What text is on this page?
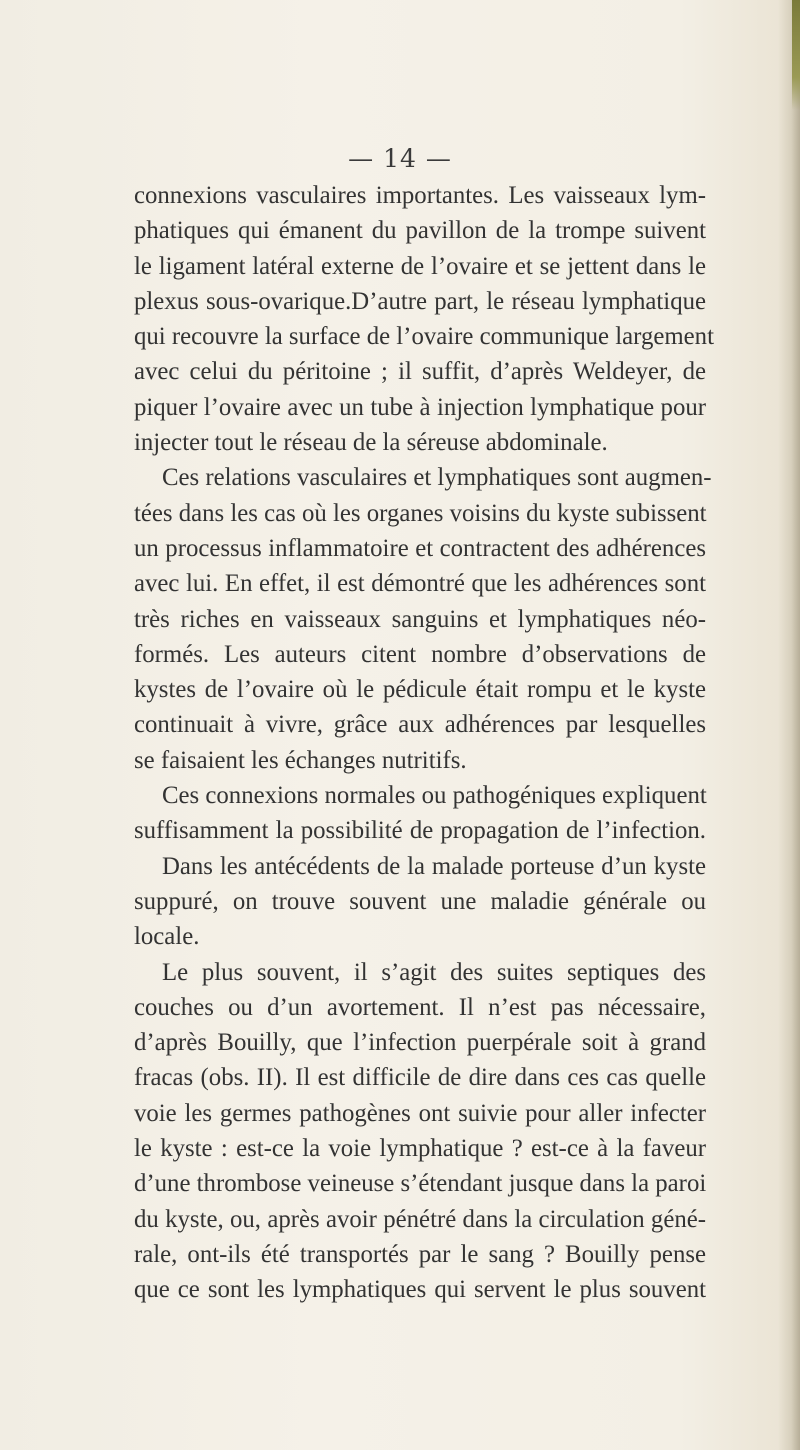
— 14 —

connexions vasculaires importantes. Les vaisseaux lym-
phatiques qui émanent du pavillon de la trompe suivent
le ligament latéral externe de l’ovaire et se jettent dans le
plexus sous-ovarique.D’autre part, le réseau lymphatique
qui recouvre la surface de l’ovaire communique largement
avec celui du péritoine ; il suffit, d’après Weldeyer, de
piquer l’ovaire avec un tube à injection lymphatique pour
injecter tout le réseau de la séreuse abdominale.
Ces relations vasculaires et lymphatiques sont augmen-
tées dans les cas où les organes voisins du kyste subissent
un processus inflammatoire et contractent des adhérences
avec lui. En effet, il est démontré que les adhérences sont
très riches en vaisseaux sanguins et lymphatiques néo-
formés. Les auteurs citent nombre d’observations de
kystes de l’ovaire où le pédicule était rompu et le kyste
continuait à vivre, grâce aux adhérences par lesquelles
se faisaient les échanges nutritifs.
Ces connexions normales ou pathogéniques expliquent
suffisamment la possibilité de propagation de l’infection.
Dans les antécédents de la malade porteuse d’un kyste
suppuré, on trouve souvent une maladie générale ou
locale.
Le plus souvent, il s’agit des suites septiques des
couches ou d’un avortement. Il n’est pas nécessaire,
d’après Bouilly, que l’infection puerpérale soit à grand
fracas (obs. II). Il est difficile de dire dans ces cas quelle
voie les germes pathogènes ont suivie pour aller infecter
le kyste : est-ce la voie lymphatique ? est-ce à la faveur
d’une thrombose veineuse s’étendant jusque dans la paroi
du kyste, ou, après avoir pénétré dans la circulation géné-
rale, ont-ils été transportés par le sang ? Bouilly pense
que ce sont les lymphatiques qui servent le plus souvent
